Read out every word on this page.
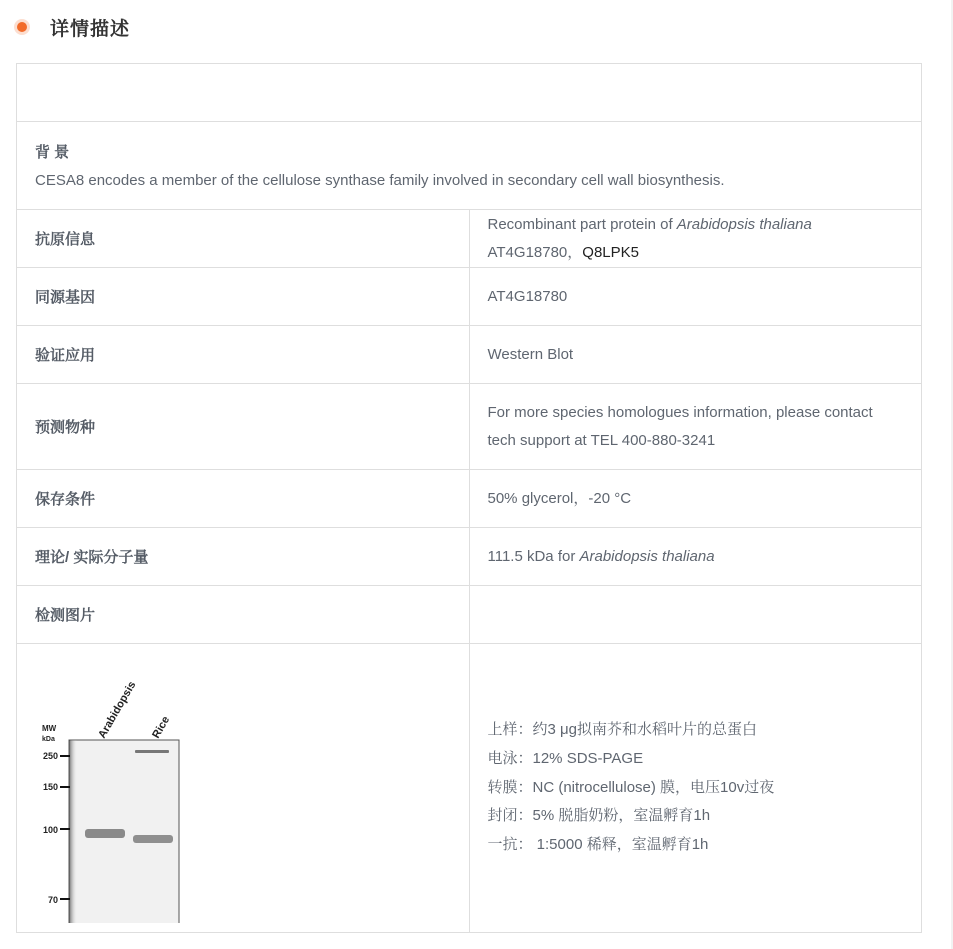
详情描述

背 景
CESA8 encodes a member of the cellulose synthase family involved in secondary cell wall biosynthesis.	

抗原信息	Recombinant part protein of Arabidopsis thaliana AT4G18780，Q8LPK5
同源基因	AT4G18780
验证应用	Western Blot
预测物种	For more species homologues information, please contact tech support at TEL 400-880-3241
保存条件	50% glycerol，-20 °C
理论/ 实际分子量	111.5 kDa for Arabidopsis thaliana
检测图片	

MW
kDa	Arabidopsis Rice
250
150
100
70

上样：约3 μg拟南芥和水稻叶片的总蛋白
电泳：12% SDS-PAGE
转膜：NC (nitrocellulose) 膜，电压10v过夜
封闭：5% 脱脂奶粉，室温孵育1h
一抗： 1:5000 稀释，室温孵育1h
